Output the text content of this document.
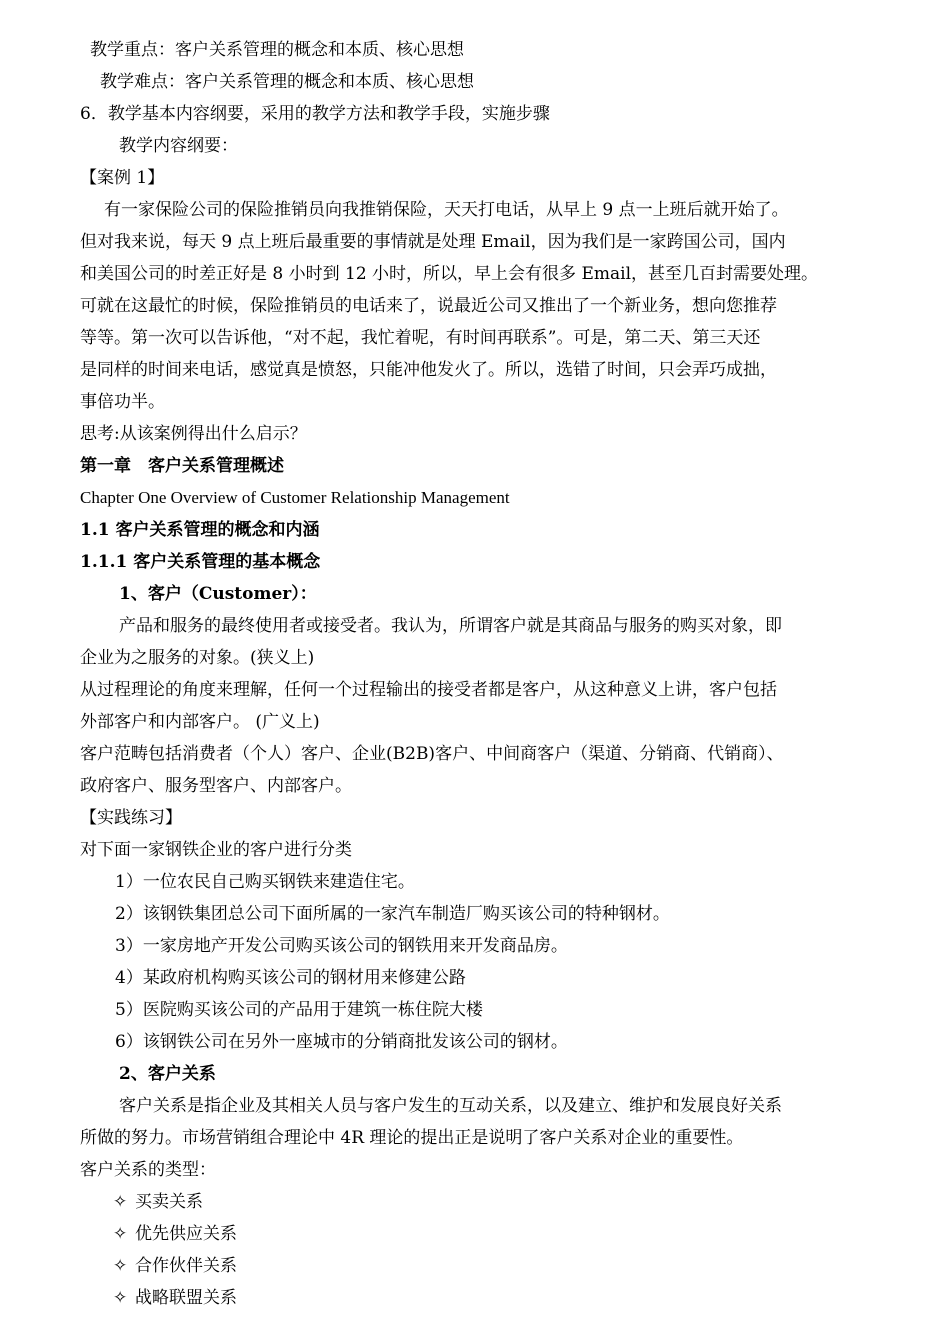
教学重点：客户关系管理的概念和本质、核心思想
教学难点：客户关系管理的概念和本质、核心思想
6．教学基本内容纲要，采用的教学方法和教学手段，实施步骤
教学内容纲要：
【案例 1】
有一家保险公司的保险推销员向我推销保险，天天打电话，从早上 9 点一上班后就开始了。
但对我来说，每天 9 点上班后最重要的事情就是处理 Email，因为我们是一家跨国公司，国内
和美国公司的时差正好是 8 小时到 12 小时，所以，早上会有很多 Email，甚至几百封需要处理。
可就在这最忙的时候，保险推销员的电话来了，说最近公司又推出了一个新业务，想向您推荐
等等。第一次可以告诉他，“对不起，我忙着呢，有时间再联系”。可是，第二天、第三天还
是同样的时间来电话，感觉真是愤怒，只能冲他发火了。所以，选错了时间，只会弄巧成拙，
事倍功半。
思考:从该案例得出什么启示？
第一章　客户关系管理概述
Chapter One Overview of Customer Relationship Management
1.1 客户关系管理的概念和内涵
1.1.1 客户关系管理的基本概念
1、客户（Customer）：
产品和服务的最终使用者或接受者。我认为，所谓客户就是其商品与服务的购买对象，即
企业为之服务的对象。(狭义上)
从过程理论的角度来理解，任何一个过程输出的接受者都是客户，从这种意义上讲，客户包括
外部客户和内部客户。 (广义上)
客户范畴包括消费者（个人）客户、企业(B2B)客户、中间商客户（渠道、分销商、代销商）、
政府客户、服务型客户、内部客户。
【实践练习】
对下面一家钢铁企业的客户进行分类
1）一位农民自己购买钢铁来建造住宅。
2）该钢铁集团总公司下面所属的一家汽车制造厂购买该公司的特种钢材。
3）一家房地产开发公司购买该公司的钢铁用来开发商品房。
4）某政府机构购买该公司的钢材用来修建公路
5）医院购买该公司的产品用于建筑一栋住院大楼
6）该钢铁公司在另外一座城市的分销商批发该公司的钢材。
2、客户关系
客户关系是指企业及其相关人员与客户发生的互动关系，以及建立、维护和发展良好关系
所做的努力。市场营销组合理论中 4R 理论的提出正是说明了客户关系对企业的重要性。
客户关系的类型：
✧ 买卖关系
✧ 优先供应关系
✧ 合作伙伴关系
✧ 战略联盟关系
